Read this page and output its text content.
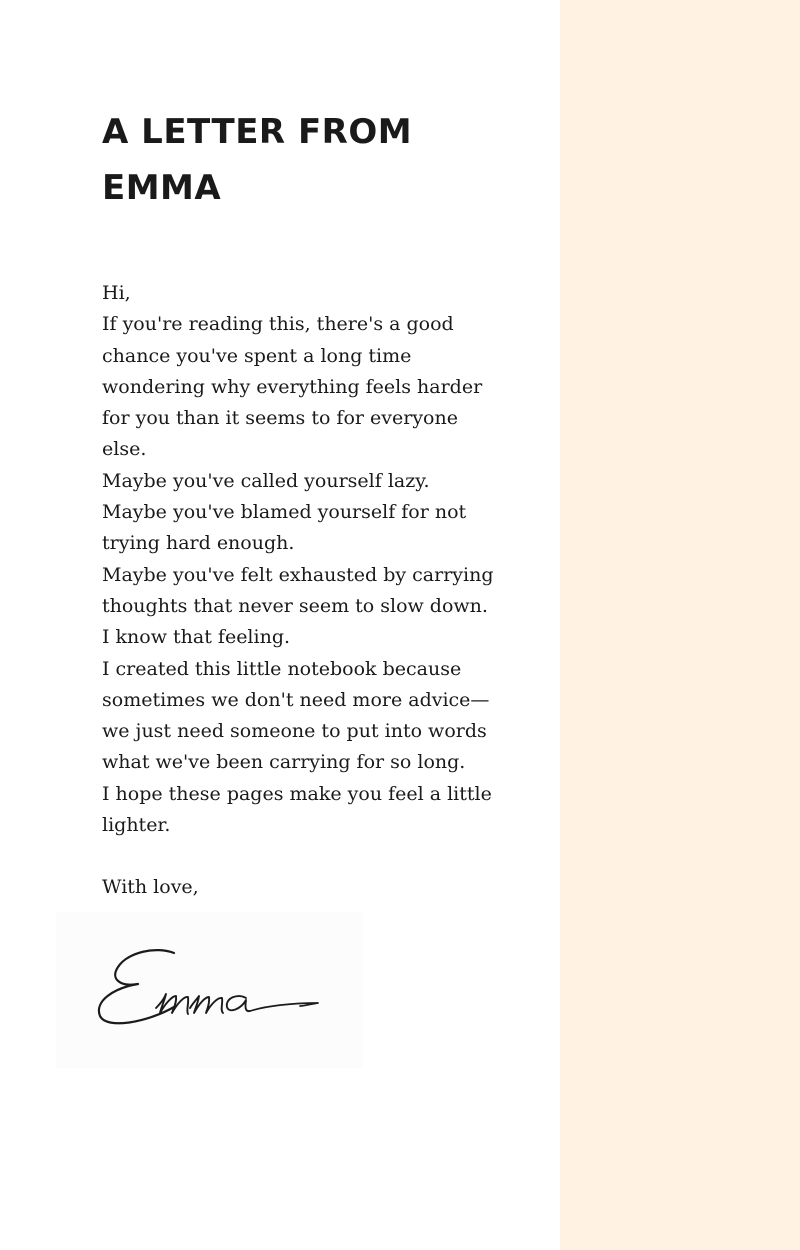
A LETTER FROM
EMMA
Hi,
If you're reading this, there's a good
chance you've spent a long time
wondering why everything feels harder
for you than it seems to for everyone
else.
Maybe you've called yourself lazy.
Maybe you've blamed yourself for not
trying hard enough.
Maybe you've felt exhausted by carrying
thoughts that never seem to slow down.
I know that feeling.
I created this little notebook because
sometimes we don't need more advice—
we just need someone to put into words
what we've been carrying for so long.
I hope these pages make you feel a little
lighter.
With love,
